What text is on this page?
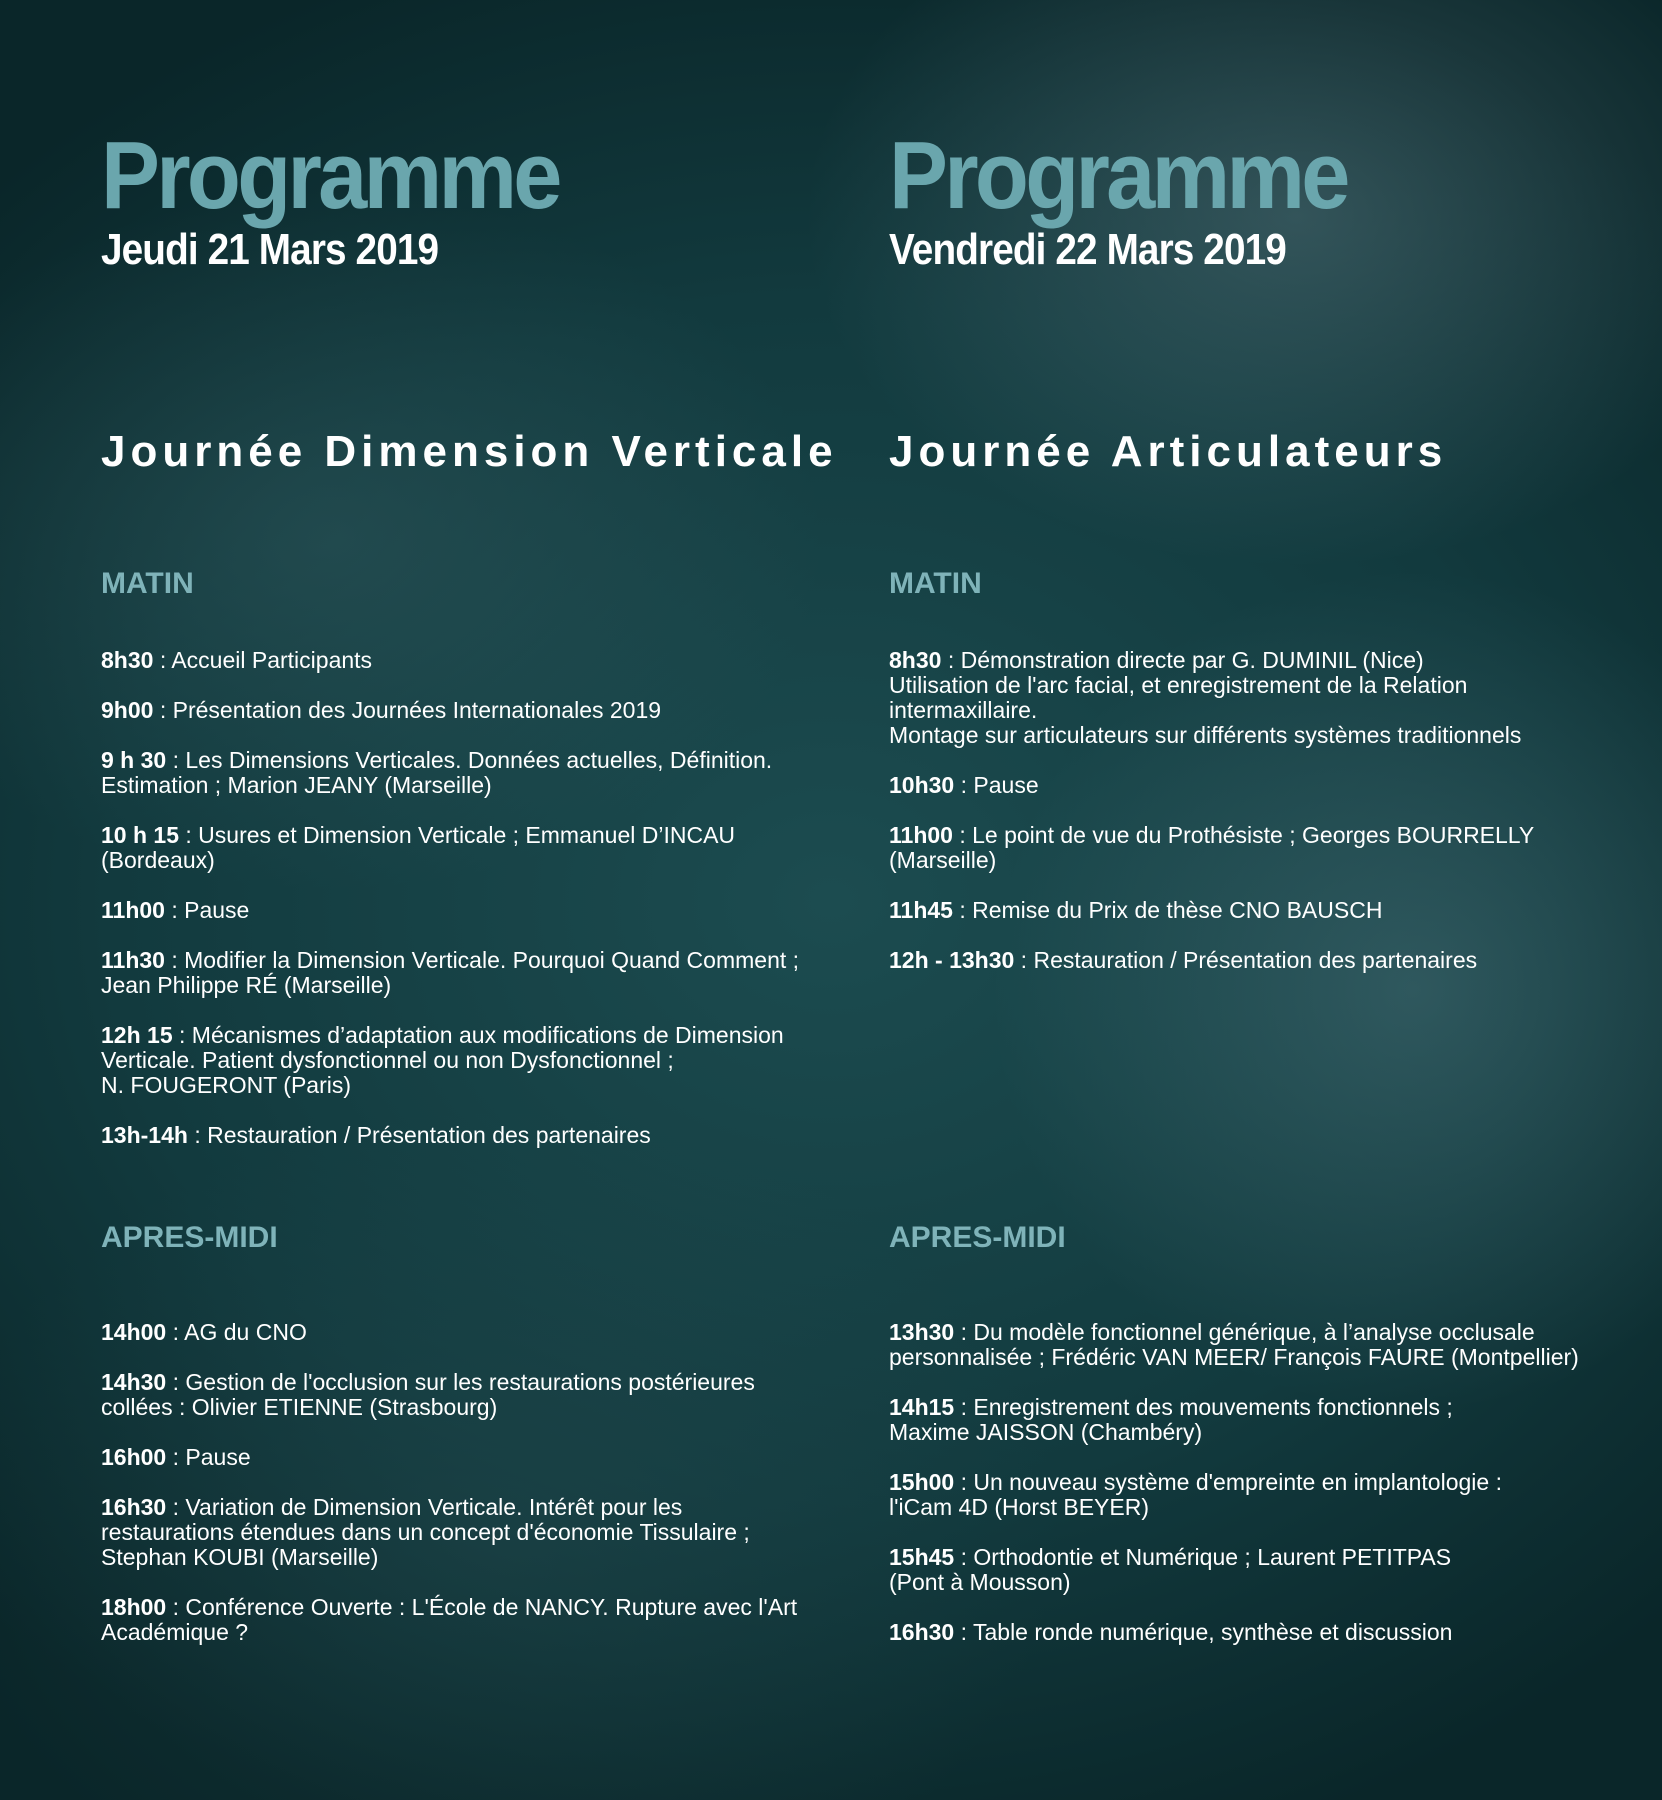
Programme
Jeudi 21 Mars 2019
Journée Dimension Verticale
MATIN
8h30 : Accueil Participants
9h00 : Présentation des Journées Internationales 2019
9 h 30 : Les Dimensions Verticales. Données actuelles, Définition.
Estimation ; Marion JEANY (Marseille)
10 h 15 : Usures et Dimension Verticale ; Emmanuel D’INCAU
(Bordeaux)
11h00 : Pause
11h30 : Modifier la Dimension Verticale. Pourquoi Quand Comment ;
Jean Philippe RÉ (Marseille)
12h 15 : Mécanismes d’adaptation aux modifications de Dimension
Verticale. Patient dysfonctionnel ou non Dysfonctionnel ;
N. FOUGERONT (Paris)
13h-14h : Restauration / Présentation des partenaires
APRES-MIDI
14h00 : AG du CNO
14h30 : Gestion de l'occlusion sur les restaurations postérieures
collées : Olivier ETIENNE (Strasbourg)
16h00 : Pause
16h30 : Variation de Dimension Verticale. Intérêt pour les
restaurations étendues dans un concept d'économie Tissulaire ;
Stephan KOUBI (Marseille)
18h00 : Conférence Ouverte : L'École de NANCY. Rupture avec l'Art
Académique ?
Programme
Vendredi 22 Mars 2019
Journée Articulateurs
MATIN
8h30 : Démonstration directe par G. DUMINIL (Nice)
Utilisation de l'arc facial, et enregistrement de la Relation
intermaxillaire.
Montage sur articulateurs sur différents systèmes traditionnels
10h30 : Pause
11h00 : Le point de vue du Prothésiste ; Georges BOURRELLY
(Marseille)
11h45 : Remise du Prix de thèse CNO BAUSCH
12h - 13h30 : Restauration / Présentation des partenaires
APRES-MIDI
13h30 : Du modèle fonctionnel générique, à l’analyse occlusale
personnalisée ; Frédéric VAN MEER/ François FAURE (Montpellier)
14h15 : Enregistrement des mouvements fonctionnels ;
Maxime JAISSON (Chambéry)
15h00 : Un nouveau système d'empreinte en implantologie :
l'iCam 4D (Horst BEYER)
15h45 : Orthodontie et Numérique ; Laurent PETITPAS
(Pont à Mousson)
16h30 : Table ronde numérique, synthèse et discussion
